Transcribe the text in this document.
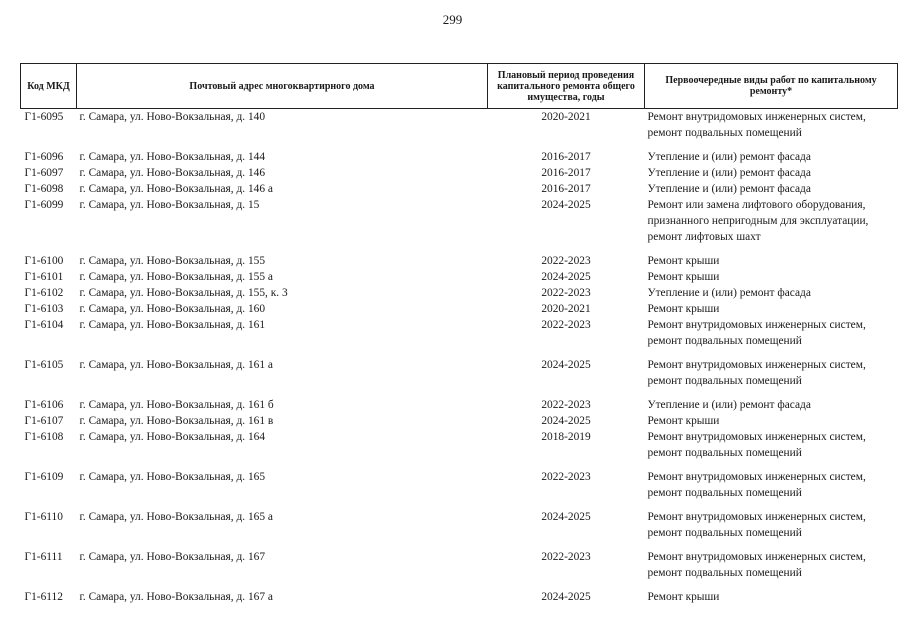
299
Код МКД	Почтовый адрес многоквартирного дома	Плановый период проведения капитального ремонта общего имущества, годы	Первоочередные виды работ по капитальному ремонту*
Г1-6095	г. Самара, ул. Ново-Вокзальная, д. 140	2020-2021	Ремонт внутридомовых инженерных систем,
ремонт подвальных помещений

Г1-6096	г. Самара, ул. Ново-Вокзальная, д. 144	2016-2017	Утепление и (или) ремонт фасада

Г1-6097	г. Самара, ул. Ново-Вокзальная, д. 146	2016-2017	Утепление и (или) ремонт фасада

Г1-6098	г. Самара, ул. Ново-Вокзальная, д. 146 а	2016-2017	Утепление и (или) ремонт фасада

Г1-6099	г. Самара, ул. Ново-Вокзальная, д. 15	2024-2025	Ремонт или замена лифтового оборудования,
признанного непригодным для эксплуатации,
ремонт лифтовых шахт

Г1-6100	г. Самара, ул. Ново-Вокзальная, д. 155	2022-2023	Ремонт крыши

Г1-6101	г. Самара, ул. Ново-Вокзальная, д. 155 а	2024-2025	Ремонт крыши

Г1-6102	г. Самара, ул. Ново-Вокзальная, д. 155, к. 3	2022-2023	Утепление и (или) ремонт фасада

Г1-6103	г. Самара, ул. Ново-Вокзальная, д. 160	2020-2021	Ремонт крыши

Г1-6104	г. Самара, ул. Ново-Вокзальная, д. 161	2022-2023	Ремонт внутридомовых инженерных систем,
ремонт подвальных помещений

Г1-6105	г. Самара, ул. Ново-Вокзальная, д. 161 а	2024-2025	Ремонт внутридомовых инженерных систем,
ремонт подвальных помещений

Г1-6106	г. Самара, ул. Ново-Вокзальная, д. 161 б	2022-2023	Утепление и (или) ремонт фасада

Г1-6107	г. Самара, ул. Ново-Вокзальная, д. 161 в	2024-2025	Ремонт крыши

Г1-6108	г. Самара, ул. Ново-Вокзальная, д. 164	2018-2019	Ремонт внутридомовых инженерных систем,
ремонт подвальных помещений

Г1-6109	г. Самара, ул. Ново-Вокзальная, д. 165	2022-2023	Ремонт внутридомовых инженерных систем,
ремонт подвальных помещений

Г1-6110	г. Самара, ул. Ново-Вокзальная, д. 165 а	2024-2025	Ремонт внутридомовых инженерных систем,
ремонт подвальных помещений

Г1-6111	г. Самара, ул. Ново-Вокзальная, д. 167	2022-2023	Ремонт внутридомовых инженерных систем,
ремонт подвальных помещений

Г1-6112	г. Самара, ул. Ново-Вокзальная, д. 167 а	2024-2025	Ремонт крыши
